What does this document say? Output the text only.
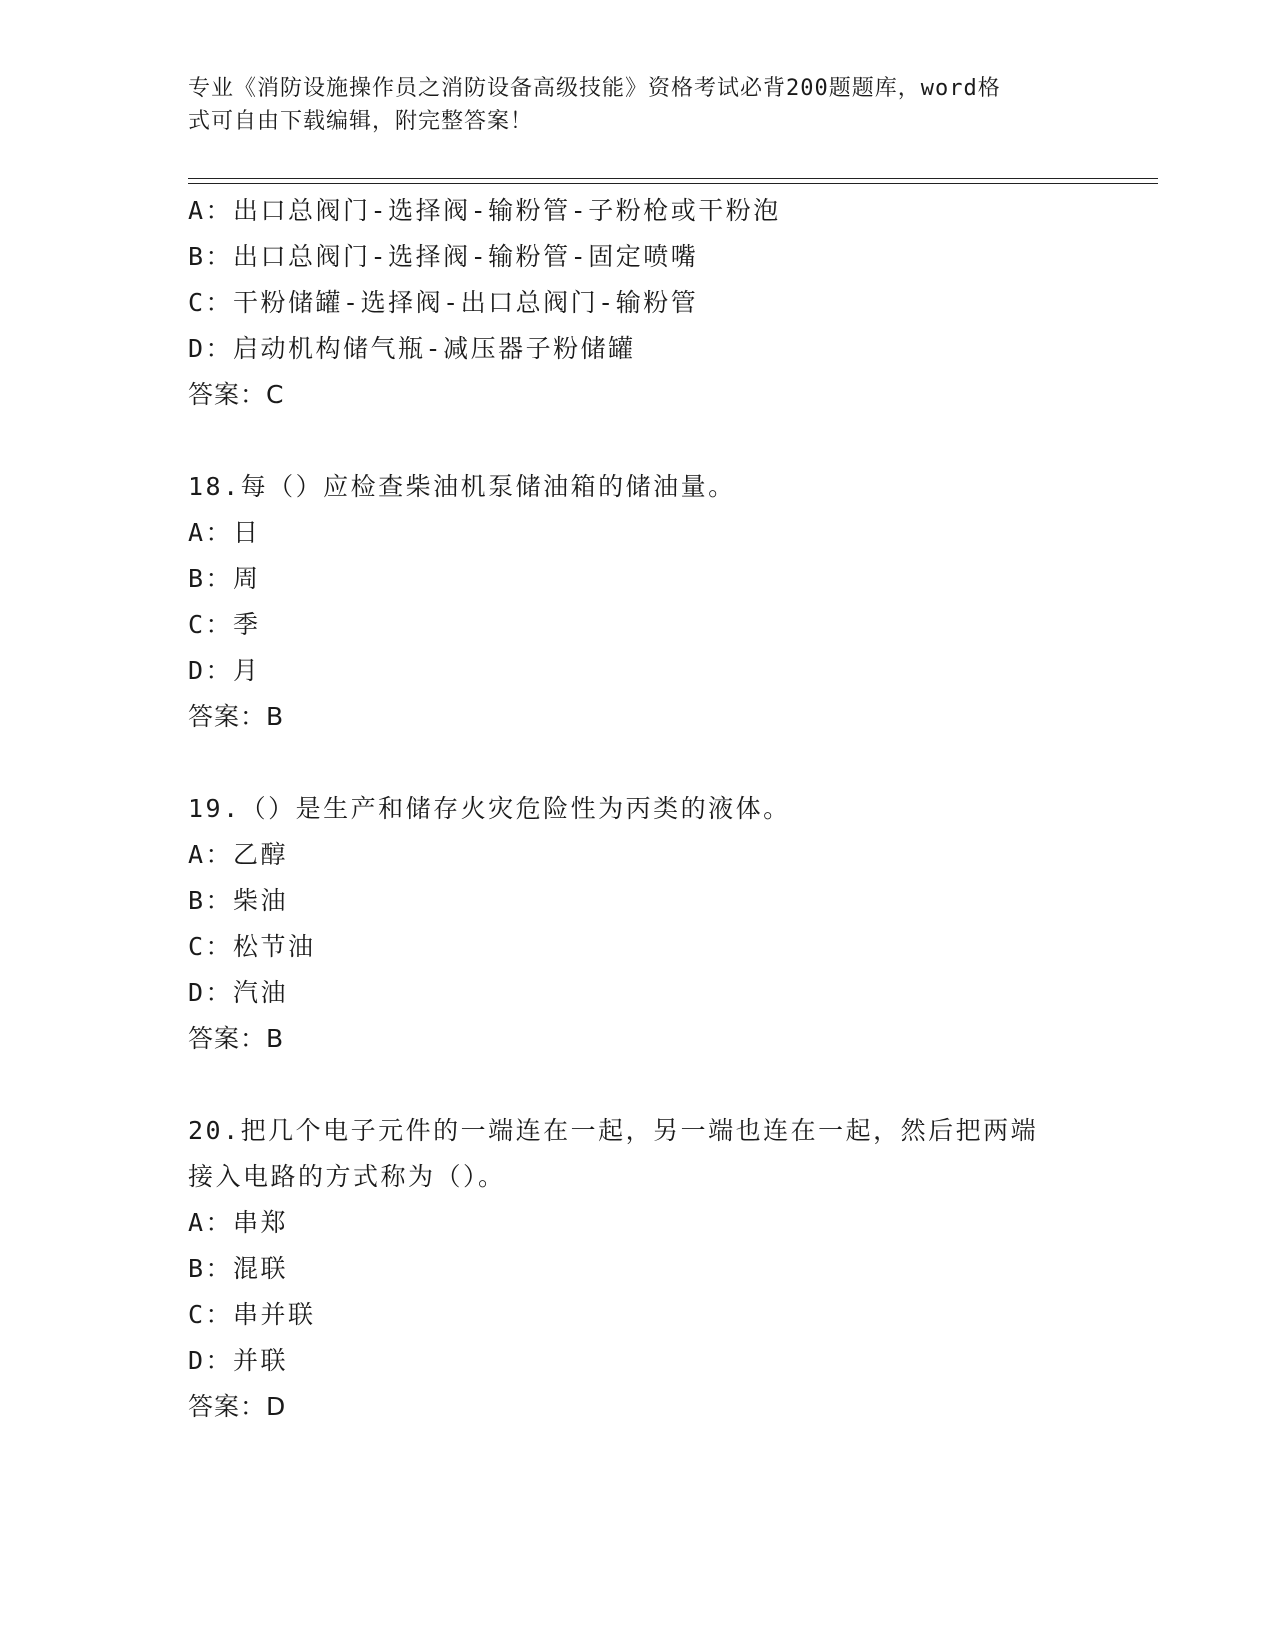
专业《消防设施操作员之消防设备高级技能》资格考试必背200题题库，word格
式可自由下载编辑，附完整答案！
A：出口总阀门-选择阀-输粉管-子粉枪或干粉泡
B：出口总阀门-选择阀-输粉管-固定喷嘴
C：干粉储罐-选择阀-出口总阀门-输粉管
D：启动机构储气瓶-减压器子粉储罐
答案：C
18.每（）应检查柴油机泵储油箱的储油量。
A：日
B：周
C：季
D：月
答案：B
19.（）是生产和储存火灾危险性为丙类的液体。
A：乙醇
B：柴油
C：松节油
D：汽油
答案：B
20.把几个电子元件的一端连在一起，另一端也连在一起，然后把两端
接入电路的方式称为（）。
A：串郑
B：混联
C：串并联
D：并联
答案：D
